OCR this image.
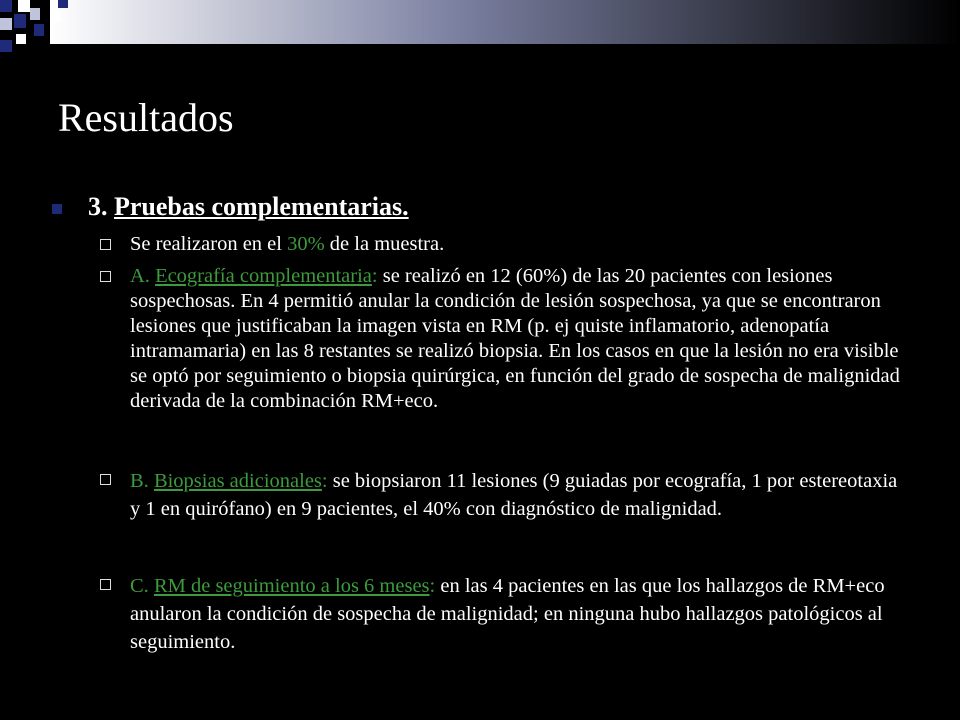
Resultados
3. Pruebas complementarias.
Se realizaron en el 30% de la muestra.
A. Ecografía complementaria: se realizó en 12 (60%) de las 20 pacientes con lesiones sospechosas. En 4 permitió anular la condición de lesión sospechosa, ya que se encontraron lesiones que justificaban la imagen vista en RM (p. ej quiste inflamatorio, adenopatía intramamaria) en las 8 restantes se realizó biopsia. En los casos en que la lesión no era visible se optó por seguimiento o biopsia quirúrgica, en función del grado de sospecha de malignidad derivada de la combinación RM+eco.
B. Biopsias adicionales: se biopsiaron 11 lesiones (9 guiadas por ecografía, 1 por estereotaxia y 1 en quirófano) en 9 pacientes, el 40% con diagnóstico de malignidad.
C. RM de seguimiento a los 6 meses: en las 4 pacientes en las que los hallazgos de RM+eco anularon la condición de sospecha de malignidad; en ninguna hubo hallazgos patológicos al seguimiento.
